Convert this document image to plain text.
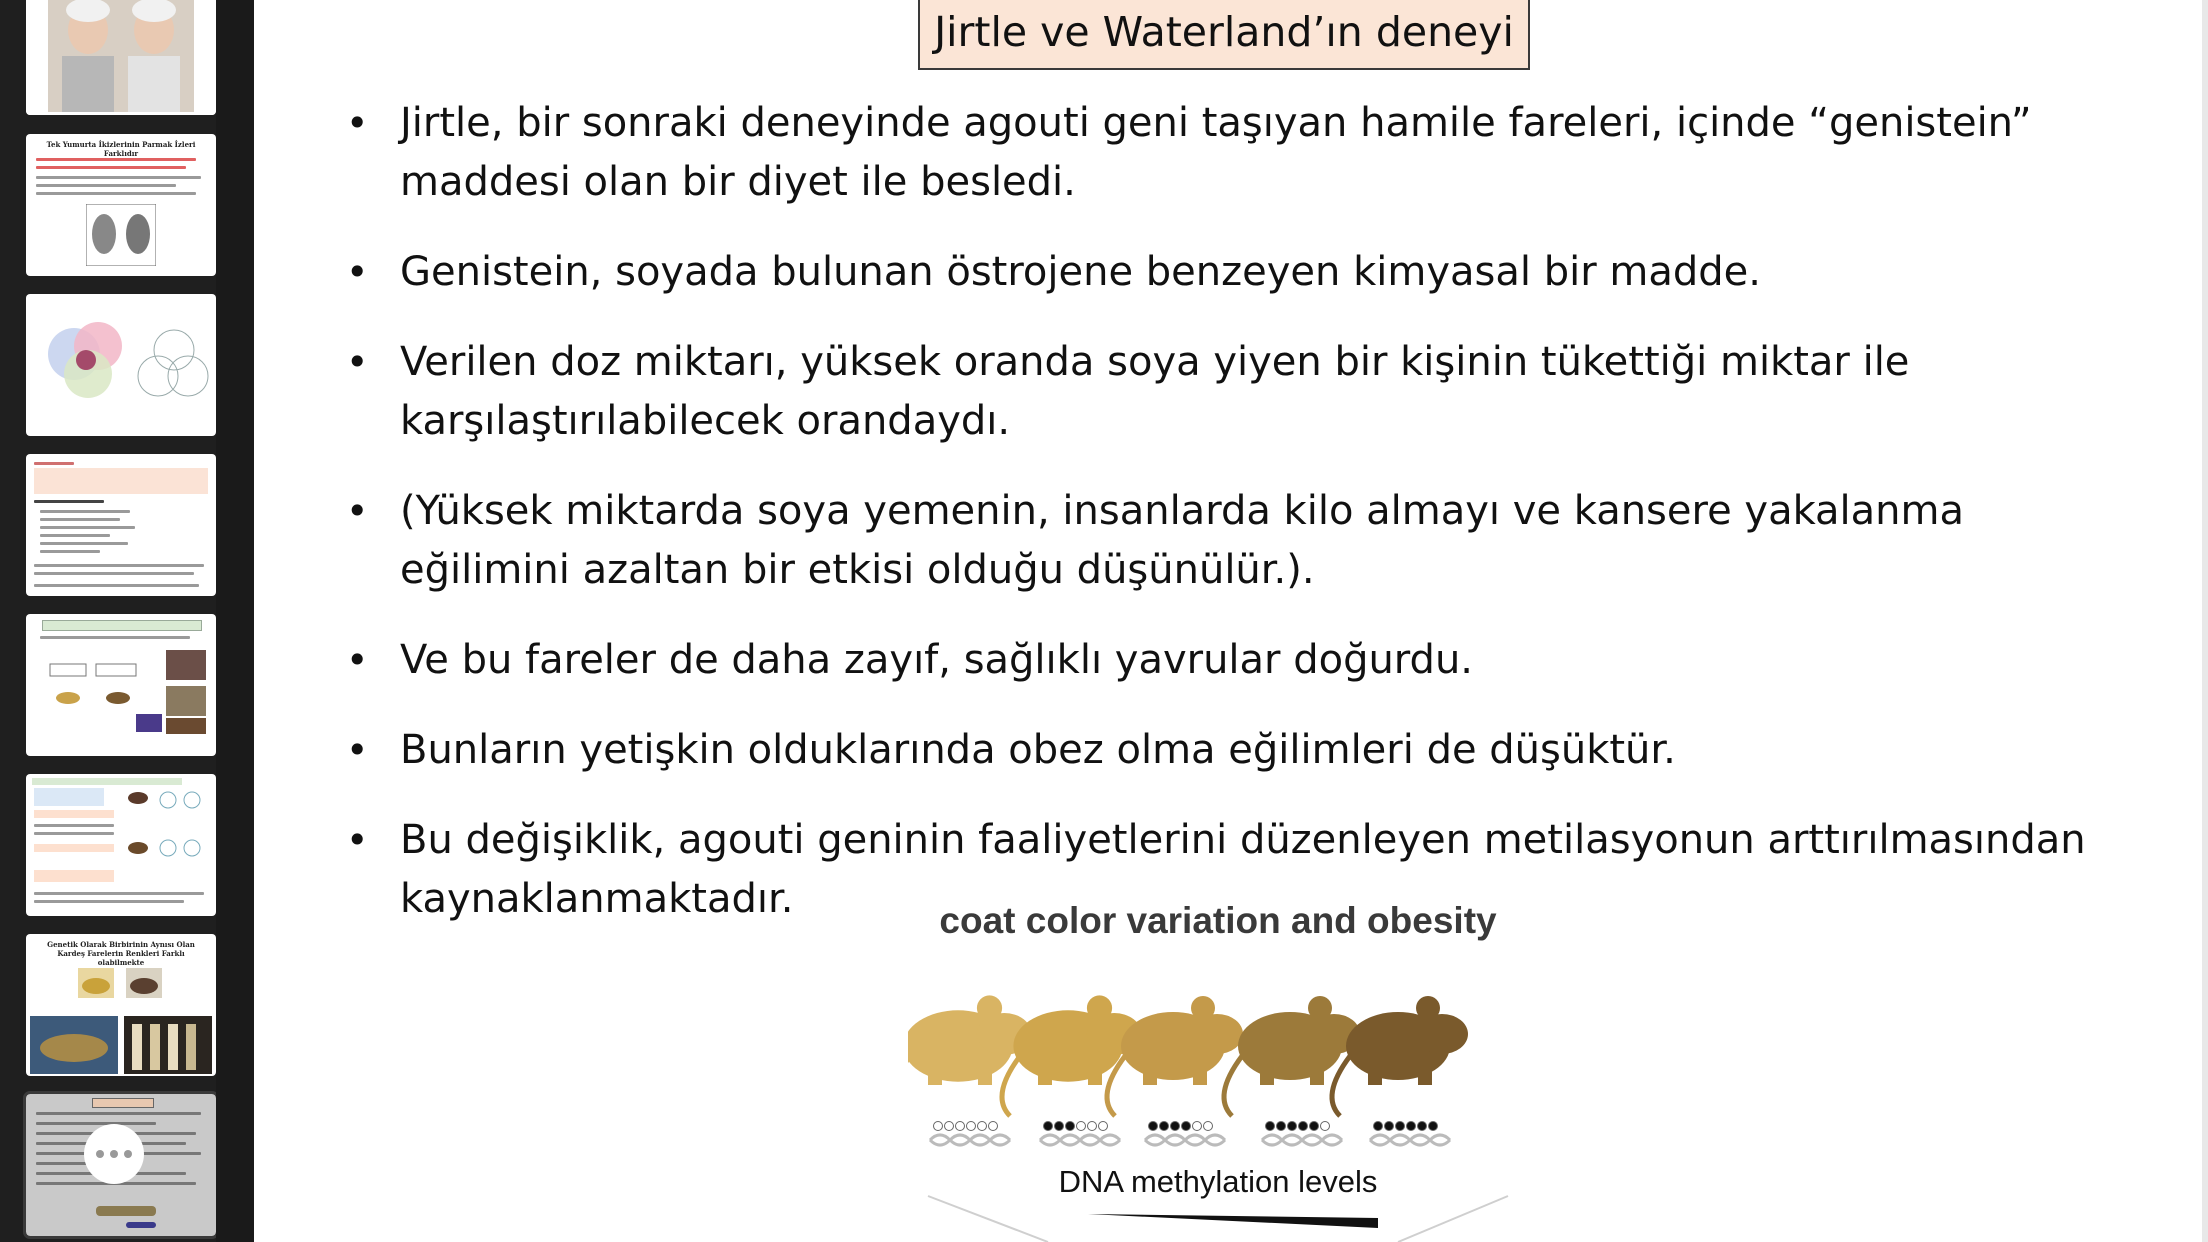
Tek Yumurta İkizlerinin Parmak İzleri Farklıdır
Genetik Olarak Birbirinin Aynısı Olan Kardeş Farelerin Renkleri Farklı olabilmekte
Jirtle ve Waterland’ın deneyi
• Jirtle, bir sonraki deneyinde agouti geni taşıyan hamile fareleri, içinde “genistein” maddesi olan bir diyet ile besledi.
• Genistein, soyada bulunan östrojene benzeyen kimyasal bir madde.
• Verilen doz miktarı, yüksek oranda soya yiyen bir kişinin tükettiği miktar ile karşılaştırılabilecek orandaydı.
• (Yüksek miktarda soya yemenin, insanlarda kilo almayı ve kansere yakalanma eğilimini azaltan bir etkisi olduğu düşünülür.).
• Ve bu fareler de daha zayıf, sağlıklı yavrular doğurdu.
• Bunların yetişkin olduklarında obez olma eğilimleri de düşüktür.
• Bu değişiklik, agouti geninin faaliyetlerini düzenleyen metilasyonun arttırılmasından kaynaklanmaktadır.	coat color variation and obesity
DNA methylation levels
